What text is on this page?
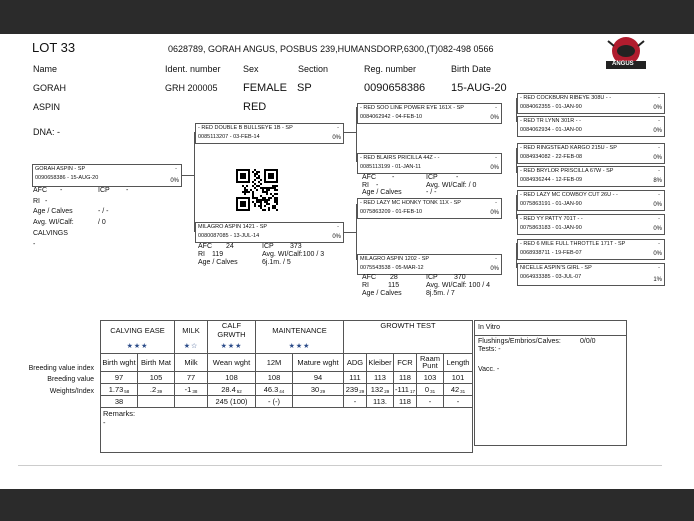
LOT 33	0628789, GORAH ANGUS, POSBUS 239,HUMANSDORP,6300,(T)082-498 0566
ANGUS
Name	Ident. number Sex	Section	Reg. number	Birth Date
GORAH
ASPIN
GRH 200005 FEMALE SP
RED
0090658386 15-AUG-20
DNA: -
GORAH ASPIN - SP	-
0090658386 - 15-AUG-20	0%
AFC -	ICP -
RI -
Age / Calves	- / -
Avg. WI/Calf:	/ 0
CALVINGS
-
- RED DOUBLE B BULLSEYE 1B - SP	-
0085113207 - 03-FEB-14	0%
MILAGRO ASPIN 1421 - SP	-
0080087085 - 13-JUL-14	0%
AFC 24	ICP 373
RI 119	Avg. WI/Calf:100 / 3
Age / Calves	6j.1m. / 5
- RED SOO LINE POWER EYE 161X - SP	-
0084062942 - 04-FEB-10	0%
- RED BLAIRS PRICILLA 44Z - -	-
0085113199 - 01-JAN-11	0%
AFC -	ICP	-
RI -	Avg. WI/Calf: / 0
Age / Calves	- / -
- RED LAZY MC HONKY TONK 11X - SP	-
0075863209 - 01-FEB-10	0%
MILAGRO ASPIN 1202 - SP	-
0075543538 - 05-MAR-12	0%
AFC 28	ICP 370
RI	115	Avg. WI/Calf: 100 / 4
Age / Calves	8j.5m. / 7
- RED COCKBURN RIBEYE 308U - -	-
0084062355 - 01-JAN-90	0%
- RED TR LYNN 301R - -	-
0084062934 - 01-JAN-00	0%
- RED RINGSTEAD KARGO 215U - SP	-
0084934082 - 22-FEB-08	0%
- RED BRYLOR PRISCILLA 67W - SP	-
0084936244 - 12-FEB-09	8%
- RED LAZY MC COWBOY CUT 26U - -	-
0075863191 - 01-JAN-90	0%
- RED YY PATTY 701T - -	-
0075863183 - 01-JAN-90	0%
- RED 6 MILE FULL THROTTLE 171T - SP	-
0068938711 - 19-FEB-07	0%
NICELLE ASPIN'S GIRL - SP	-
0064933385 - 03-JUL-07	1%
Breeding value index
Breeding value
Weights/Index
CALVING EASE		MILK	CALF GRWTH	MAINTENANCE		GROWTH TEST				
★★★		★☆	★★★	★★★						
Birth wght	Birth Mat	Milk	Wean wght	12M	Mature wght	ADG	Kleiber	FCR	Raam Punt	Length
97	105	77	108	108	94	111	113	118	103	101
$1.73_{58}$	$.2_{39}$	$-1_{38}$	$28.4_{52}$	$46.3_{44}$	$30_{29}$	$239_{29}$	$132_{29}$	$-111_{17}$	$0_{31}$	$42_{31}$
38			245 (100)	- (-)		-	113.	118	-	-

Remarks:
-										
In Vitro
Flushings/Embrios/Calves:	0/0/0
Tests: -
Vacc. -
